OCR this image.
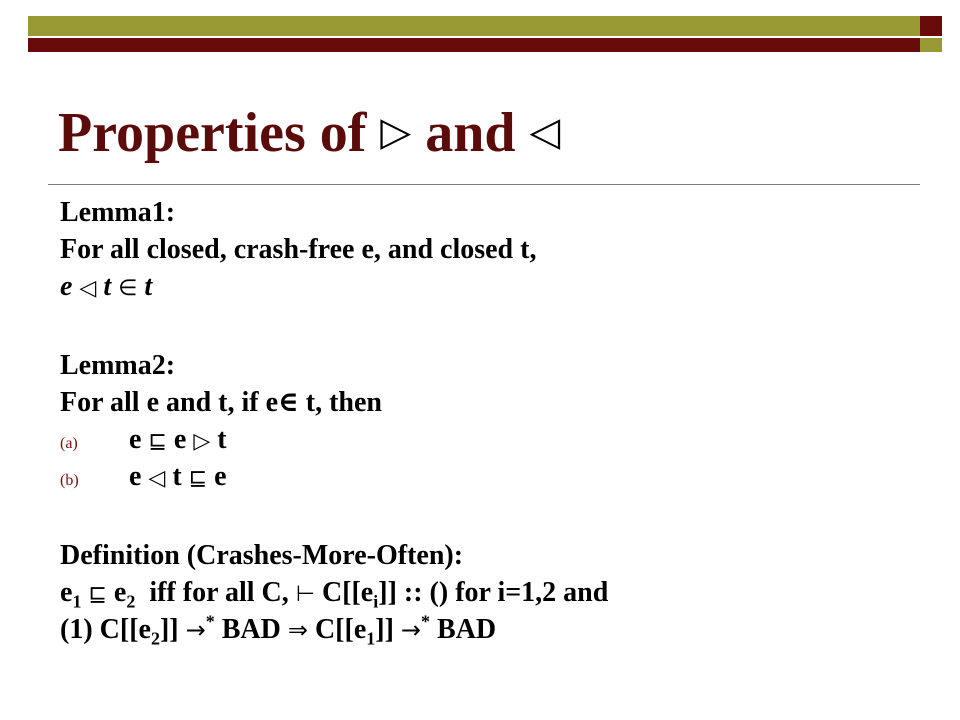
Properties of ▷ and ◁
Lemma1:
For all closed, crash-free e, and closed t,
e ◁ t ∈ t
Lemma2:
For all e and t, if e∈ t, then
(a) e ⊑ e ▷ t
(b) e ◁ t ⊑ e
Definition (Crashes-More-Often):
$e_1$ ⊑ $e_2$ iff for all C, ⊢ $C[[e_i]]$ :: () for i=1,2 and
(1) $C[[e_2]] \to^*$ BAD ⇒ $C[[e_1]] \to^*$ BAD
